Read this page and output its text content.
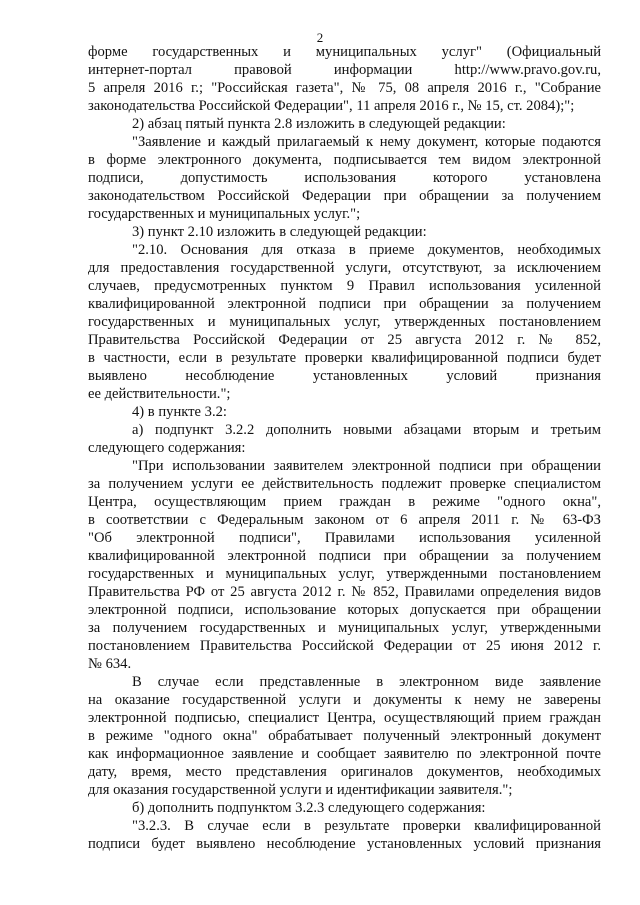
2
форме государственных и муниципальных услуг" (Официальный
интернет-портал правовой информации http://www.pravo.gov.ru,
5 апреля 2016 г.; "Российская газета", № 75, 08 апреля 2016 г., "Собрание
законодательства Российской Федерации", 11 апреля 2016 г., № 15, ст. 2084);";
2) абзац пятый пункта 2.8 изложить в следующей редакции:
"Заявление и каждый прилагаемый к нему документ, которые подаются
в форме электронного документа, подписывается тем видом электронной
подписи, допустимость использования которого установлена
законодательством Российской Федерации при обращении за получением
государственных и муниципальных услуг.";
3) пункт 2.10 изложить в следующей редакции:
"2.10. Основания для отказа в приеме документов, необходимых
для предоставления государственной услуги, отсутствуют, за исключением
случаев, предусмотренных пунктом 9 Правил использования усиленной
квалифицированной электронной подписи при обращении за получением
государственных и муниципальных услуг, утвержденных постановлением
Правительства Российской Федерации от 25 августа 2012 г. № 852,
в частности, если в результате проверки квалифицированной подписи будет
выявлено несоблюдение установленных условий признания
ее действительности.";
4) в пункте 3.2:
а) подпункт 3.2.2 дополнить новыми абзацами вторым и третьим
следующего содержания:
"При использовании заявителем электронной подписи при обращении
за получением услуги ее действительность подлежит проверке специалистом
Центра, осуществляющим прием граждан в режиме "одного окна",
в соответствии с Федеральным законом от 6 апреля 2011 г. № 63-ФЗ
"Об электронной подписи", Правилами использования усиленной
квалифицированной электронной подписи при обращении за получением
государственных и муниципальных услуг, утвержденными постановлением
Правительства РФ от 25 августа 2012 г. № 852, Правилами определения видов
электронной подписи, использование которых допускается при обращении
за получением государственных и муниципальных услуг, утвержденными
постановлением Правительства Российской Федерации от 25 июня 2012 г.
№ 634.
В случае если представленные в электронном виде заявление
на оказание государственной услуги и документы к нему не заверены
электронной подписью, специалист Центра, осуществляющий прием граждан
в режиме "одного окна" обрабатывает полученный электронный документ
как информационное заявление и сообщает заявителю по электронной почте
дату, время, место представления оригиналов документов, необходимых
для оказания государственной услуги и идентификации заявителя.";
б) дополнить подпунктом 3.2.3 следующего содержания:
"3.2.3. В случае если в результате проверки квалифицированной
подписи будет выявлено несоблюдение установленных условий признания
